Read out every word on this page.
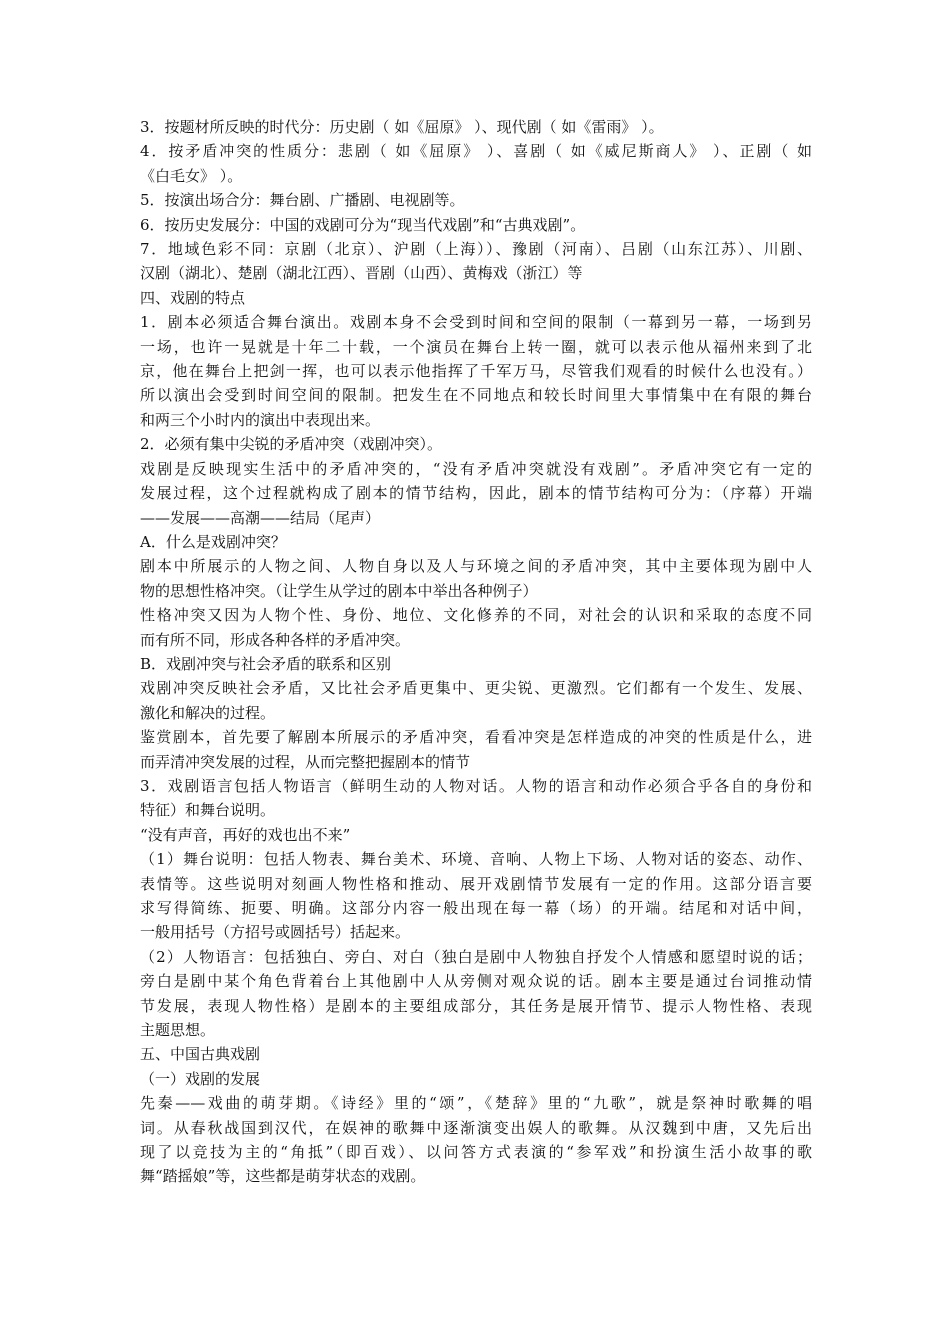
3．按题材所反映的时代分：历史剧（ 如《屈原》 ）、现代剧（ 如《雷雨》 ）。
4．按矛盾冲突的性质分：悲剧（ 如《屈原》 ）、喜剧（ 如《威尼斯商人》 ）、正剧（ 如
《白毛女》 ）。
5．按演出场合分：舞台剧、广播剧、电视剧等。
6．按历史发展分：中国的戏剧可分为“现当代戏剧”和“古典戏剧”。
7．地域色彩不同：京剧（北京）、沪剧（上海））、豫剧（河南）、吕剧（山东江苏）、川剧、
汉剧（湖北）、楚剧（湖北江西）、晋剧（山西）、黄梅戏（浙江）等
四、戏剧的特点
1．剧本必须适合舞台演出。戏剧本身不会受到时间和空间的限制（一幕到另一幕，一场到另
一场，也许一晃就是十年二十载，一个演员在舞台上转一圈，就可以表示他从福州来到了北
京，他在舞台上把剑一挥，也可以表示他指挥了千军万马，尽管我们观看的时候什么也没有。）
所以演出会受到时间空间的限制。把发生在不同地点和较长时间里大事情集中在有限的舞台
和两三个小时内的演出中表现出来。
2．必须有集中尖锐的矛盾冲突（戏剧冲突）。
戏剧是反映现实生活中的矛盾冲突的，“没有矛盾冲突就没有戏剧”。矛盾冲突它有一定的
发展过程，这个过程就构成了剧本的情节结构，因此，剧本的情节结构可分为：（序幕）开端
——发展——高潮——结局（尾声）
A．什么是戏剧冲突？
剧本中所展示的人物之间、人物自身以及人与环境之间的矛盾冲突，其中主要体现为剧中人
物的思想性格冲突。（让学生从学过的剧本中举出各种例子）
性格冲突又因为人物个性、身份、地位、文化修养的不同，对社会的认识和采取的态度不同
而有所不同，形成各种各样的矛盾冲突。
B．戏剧冲突与社会矛盾的联系和区别
戏剧冲突反映社会矛盾，又比社会矛盾更集中、更尖锐、更激烈。它们都有一个发生、发展、
激化和解决的过程。
鉴赏剧本，首先要了解剧本所展示的矛盾冲突，看看冲突是怎样造成的冲突的性质是什么，进
而弄清冲突发展的过程，从而完整把握剧本的情节
3．戏剧语言包括人物语言（鲜明生动的人物对话。人物的语言和动作必须合乎各自的身份和
特征）和舞台说明。
“没有声音，再好的戏也出不来”
（1）舞台说明：包括人物表、舞台美术、环境、音响、人物上下场、人物对话的姿态、动作、
表情等。这些说明对刻画人物性格和推动、展开戏剧情节发展有一定的作用。这部分语言要
求写得简练、扼要、明确。这部分内容一般出现在每一幕（场）的开端。结尾和对话中间，
一般用括号（方招号或圆括号）括起来。
（2）人物语言：包括独白、旁白、对白（独白是剧中人物独自抒发个人情感和愿望时说的话；
旁白是剧中某个角色背着台上其他剧中人从旁侧对观众说的话。剧本主要是通过台词推动情
节发展，表现人物性格）是剧本的主要组成部分，其任务是展开情节、提示人物性格、表现
主题思想。
五、中国古典戏剧
（一）戏剧的发展
先秦——戏曲的萌芽期。《诗经》里的“颂”，《楚辞》里的“九歌”，就是祭神时歌舞的唱
词。从春秋战国到汉代，在娱神的歌舞中逐渐演变出娱人的歌舞。从汉魏到中唐，又先后出
现了以竞技为主的“角抵”（即百戏）、以问答方式表演的“参军戏”和扮演生活小故事的歌
舞“踏摇娘”等，这些都是萌芽状态的戏剧。
